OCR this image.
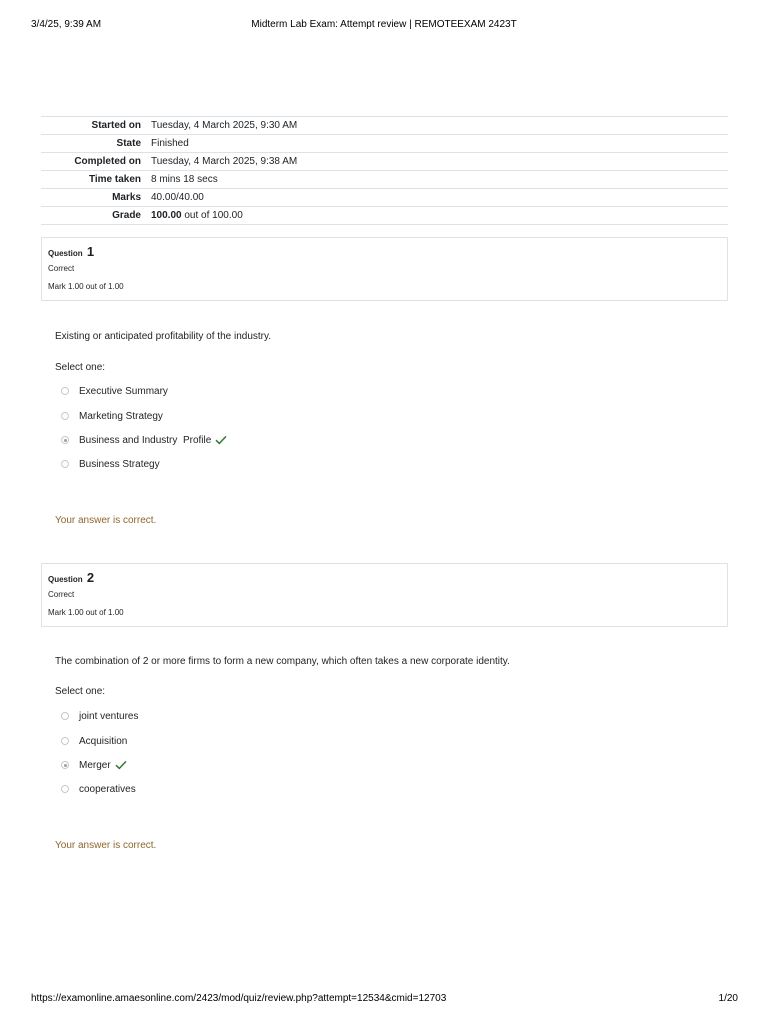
3/4/25, 9:39 AM	Midterm Lab Exam: Attempt review | REMOTEEXAM 2423T
Started on	Tuesday, 4 March 2025, 9:30 AM
State	Finished
Completed on	Tuesday, 4 March 2025, 9:38 AM
Time taken	8 mins 18 secs
Marks	40.00/40.00
Grade	100.00 out of 100.00
Question 1
Correct
Mark 1.00 out of 1.00
Existing or anticipated profitability of the industry.
Select one:
Executive Summary
Marketing Strategy
Business and Industry  Profile
Business Strategy
Your answer is correct.
Question 2
Correct
Mark 1.00 out of 1.00
The combination of 2 or more firms to form a new company, which often takes a new corporate identity.
Select one:
joint ventures
Acquisition
Merger
cooperatives
Your answer is correct.
https://examonline.amaesonline.com/2423/mod/quiz/review.php?attempt=12534&cmid=12703	1/20
